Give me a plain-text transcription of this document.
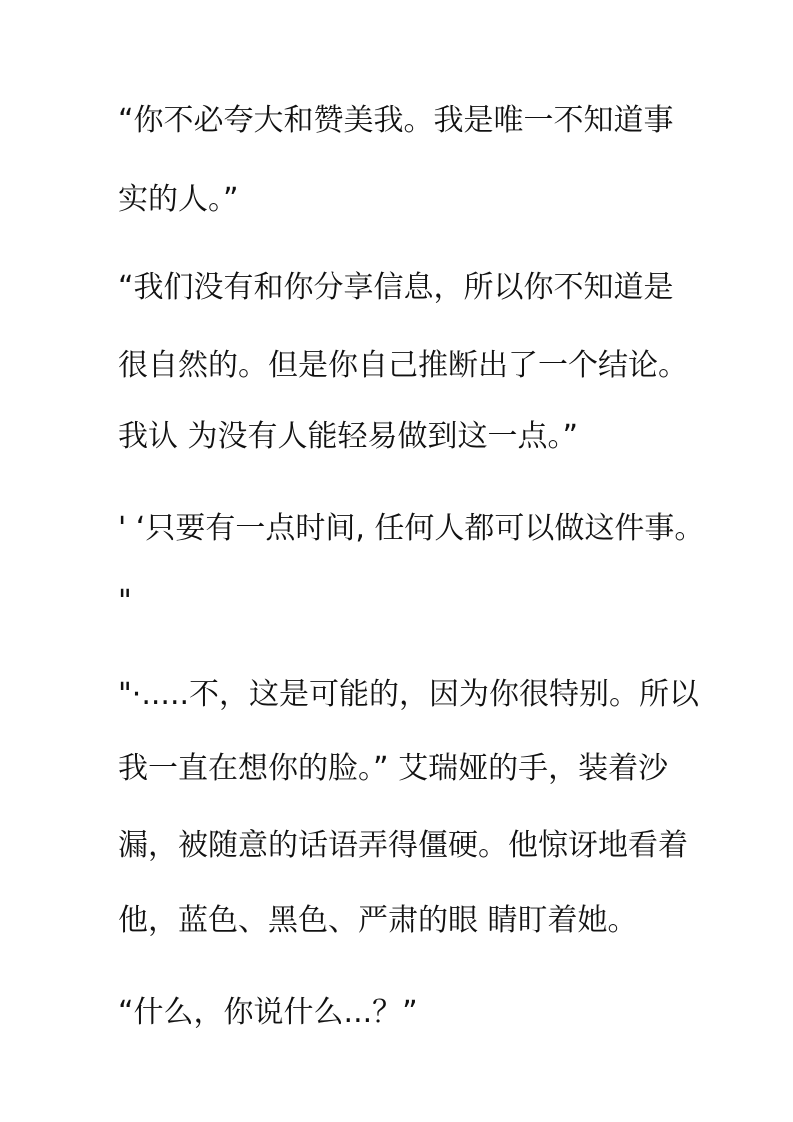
“你不必夸大和赞美我。我是唯一不知道事
实的人。”
“我们没有和你分享信息，所以你不知道是
很自然的。但是你自己推断出了一个结论。
我认 为没有人能轻易做到这一点。”
' ‘只要有一点时间, 任何人都可以做这件事。
"
"·.....不，这是可能的，因为你很特别。所以
我一直在想你的脸。” 艾瑞娅的手，装着沙
漏，被随意的话语弄得僵硬。他惊讶地看着
他，蓝色、黑色、严肃的眼 睛盯着她。
“什么，你说什么...？”
